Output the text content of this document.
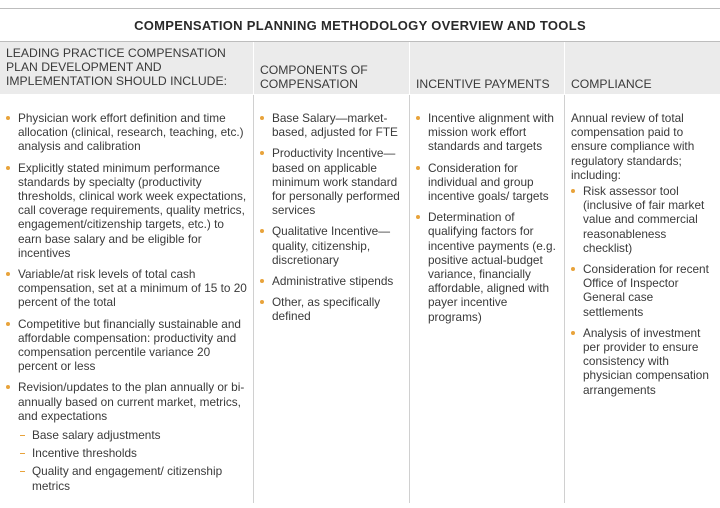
COMPENSATION PLANNING METHODOLOGY OVERVIEW AND TOOLS
LEADING PRACTICE COMPENSATION PLAN DEVELOPMENT AND IMPLEMENTATION SHOULD INCLUDE:
COMPONENTS OF COMPENSATION	INCENTIVE PAYMENTS	COMPLIANCE
Physician work effort definition and time allocation (clinical, research, teaching, etc.) analysis and calibration
Explicitly stated minimum performance standards by specialty (productivity thresholds, clinical work week expectations, call coverage requirements, quality metrics, engagement/citizenship targets, etc.) to earn base salary and be eligible for incentives
Variable/at risk levels of total cash compensation, set at a minimum of 15 to 20 percent of the total
Competitive but financially sustainable and affordable compensation: productivity and compensation percentile variance 20 percent or less
Revision/updates to the plan annually or bi-annually based on current market, metrics, and expectations
Base salary adjustments
Incentive thresholds
Quality and engagement/ citizenship metrics
Base Salary—market-based, adjusted for FTE
Productivity Incentive—based on applicable minimum work standard for personally performed services
Qualitative Incentive—quality, citizenship, discretionary
Administrative stipends
Other, as specifically defined
Incentive alignment with mission work effort standards and targets
Consideration for individual and group incentive goals/ targets
Determination of qualifying factors for incentive payments (e.g. positive actual-budget variance, financially affordable, aligned with payer incentive programs)
Annual review of total compensation paid to ensure compliance with regulatory standards; including:
Risk assessor tool (inclusive of fair market value and commercial reasonableness checklist)
Consideration for recent Office of Inspector General case settlements
Analysis of investment per provider to ensure consistency with physician compensation arrangements
